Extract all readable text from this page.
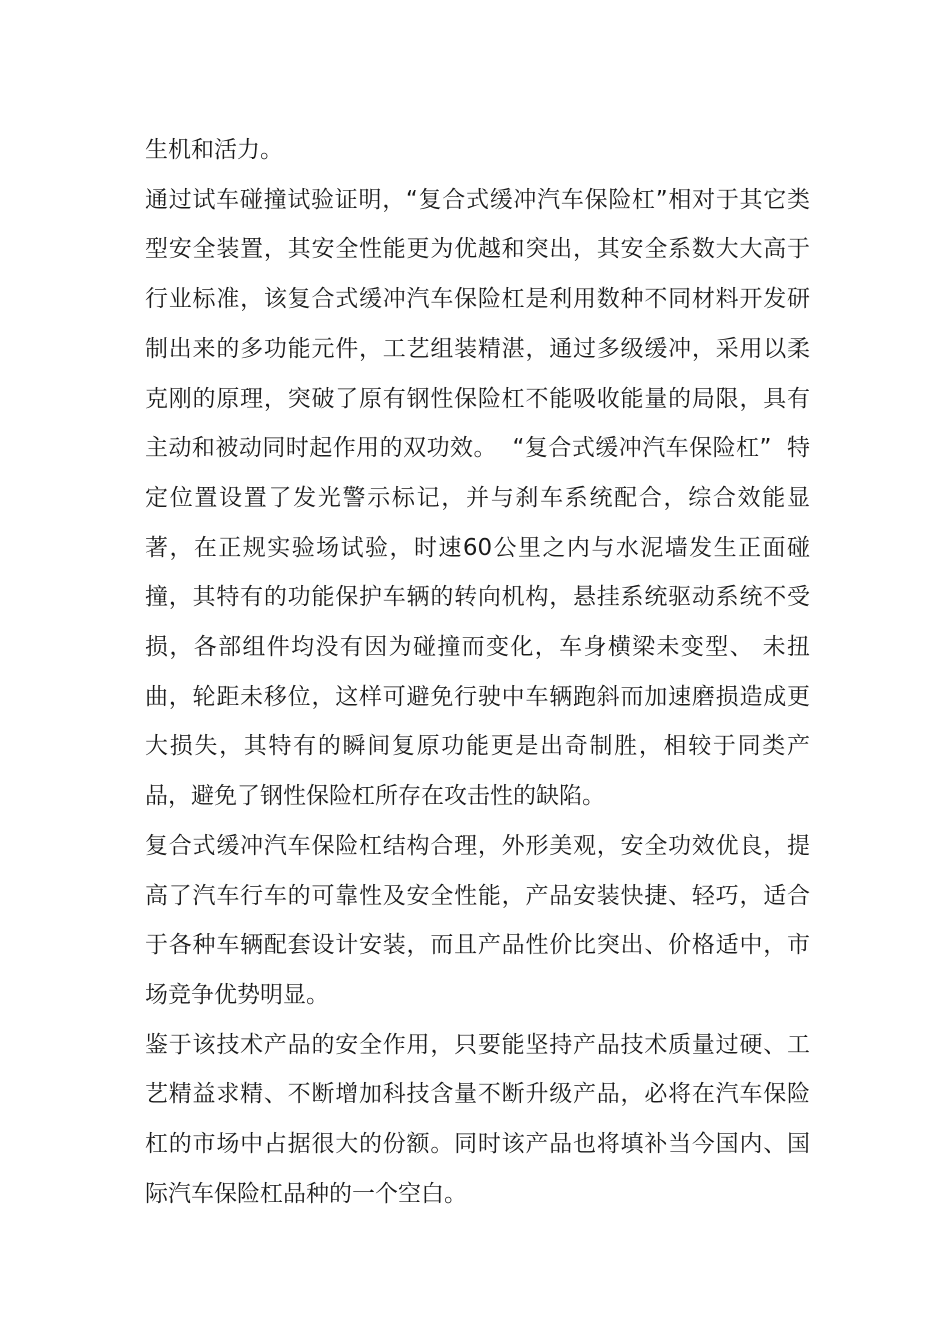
生机和活力。

通过试车碰撞试验证明，“复合式缓冲汽车保险杠”相对于其它类型安全装置，其安全性能更为优越和突出，其安全系数大大高于行业标准，该复合式缓冲汽车保险杠是利用数种不同材料开发研制出来的多功能元件，工艺组装精湛，通过多级缓冲，采用以柔克刚的原理，突破了原有钢性保险杠不能吸收能量的局限，具有主动和被动同时起作用的双功效。  “复合式缓冲汽车保险杠”  特定位置设置了发光警示标记，并与刹车系统配合，综合效能显著，在正规实验场试验，时速60公里之内与水泥墙发生正面碰撞，其特有的功能保护车辆的转向机构，悬挂系统驱动系统不受损，各部组件均没有因为碰撞而变化，车身横梁未变型、 未扭曲，轮距未移位，这样可避免行驶中车辆跑斜而加速磨损造成更大损失，其特有的瞬间复原功能更是出奇制胜，相较于同类产品，避免了钢性保险杠所存在攻击性的缺陷。

复合式缓冲汽车保险杠结构合理，外形美观，安全功效优良，提高了汽车行车的可靠性及安全性能，产品安装快捷、轻巧，适合于各种车辆配套设计安装，而且产品性价比突出、价格适中，市场竞争优势明显。

鉴于该技术产品的安全作用，只要能坚持产品技术质量过硬、工艺精益求精、不断增加科技含量不断升级产品，必将在汽车保险杠的市场中占据很大的份额。同时该产品也将填补当今国内、国际汽车保险杠品种的一个空白。
